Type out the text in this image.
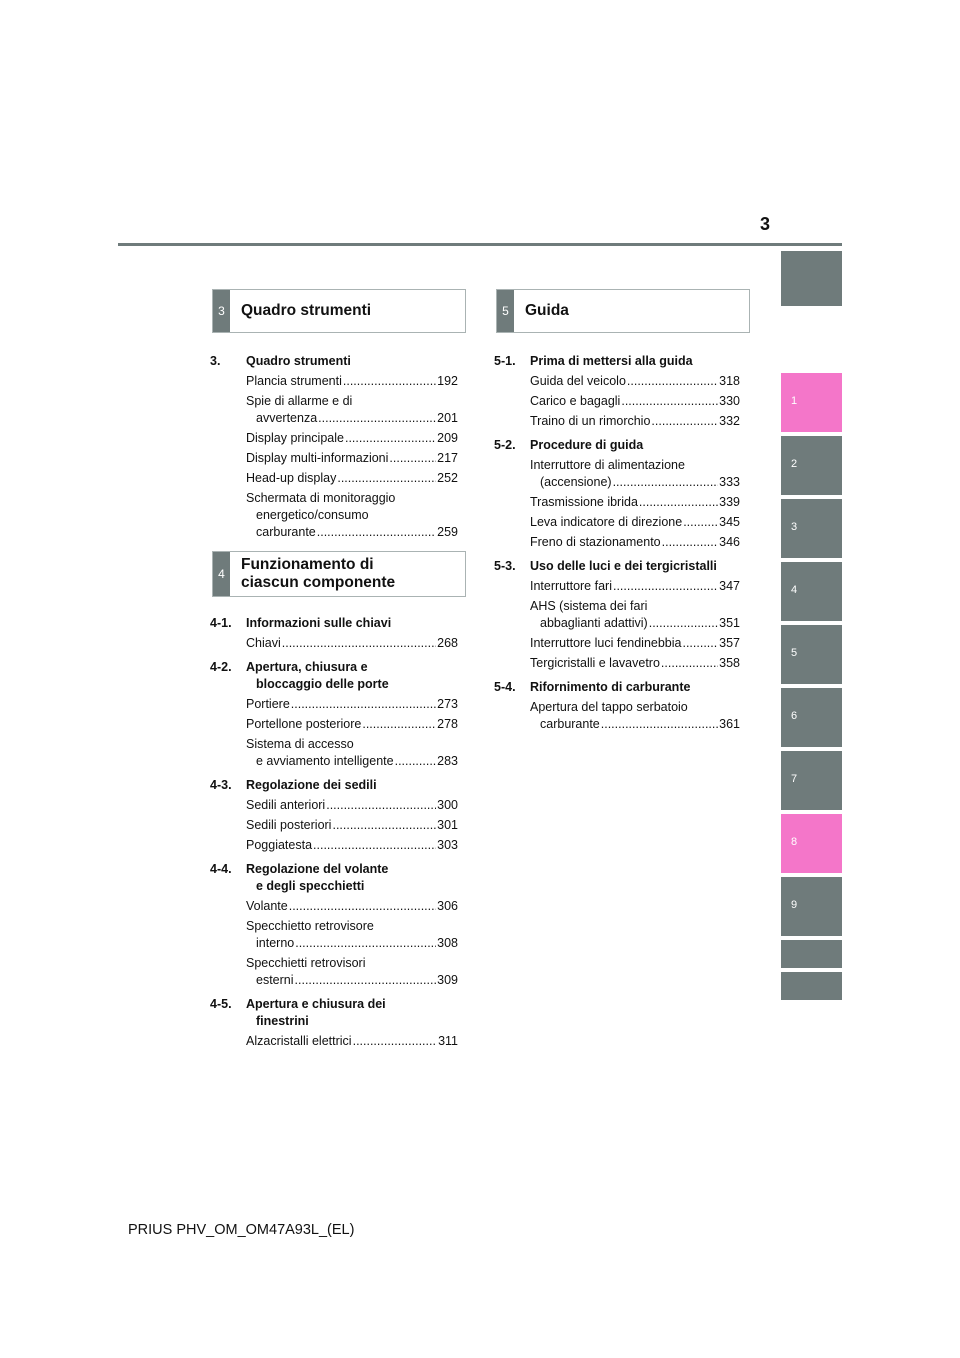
3
1
2
3
4
5
6
7
8
9
3	Quadro strumenti
4
Funzionamento di
ciascun componente
5	Guida
3. Quadro strumenti
Plancia strumenti .....	192
Spie di allarme e di
avvertenza .....	201
Display principale .....	209
Display multi-informazioni .....	217
Head-up display .....	252
Schermata di monitoraggio
energetico/consumo
carburante .....	259
4-1. Informazioni sulle chiavi
Chiavi .....	268
4-2. Apertura, chiusura e
bloccaggio delle porte
Portiere .....	273
Portellone posteriore .....	278
Sistema di accesso
e avviamento intelligente .....	283
4-3. Regolazione dei sedili
Sedili anteriori .....	300
Sedili posteriori .....	301
Poggiatesta .....	303
4-4. Regolazione del volante
e degli specchietti
Volante .....	306
Specchietto retrovisore
interno .....	308
Specchietti retrovisori
esterni .....	309
4-5. Apertura e chiusura dei
finestrini
Alzacristalli elettrici .....	311
5-1. Prima di mettersi alla guida
Guida del veicolo .....	318
Carico e bagagli .....	330
Traino di un rimorchio .....	332
5-2. Procedure di guida
Interruttore di alimentazione
(accensione) .....	333
Trasmissione ibrida .....	339
Leva indicatore di direzione .....	345
Freno di stazionamento .....	346
5-3. Uso delle luci e dei tergicristalli
Interruttore fari .....	347
AHS (sistema dei fari
abbaglianti adattivi) .....	351
Interruttore luci fendinebbia .....	357
Tergicristalli e lavavetro .....	358
5-4. Rifornimento di carburante
Apertura del tappo serbatoio
carburante .....	361
PRIUS PHV_OM_OM47A93L_(EL)
